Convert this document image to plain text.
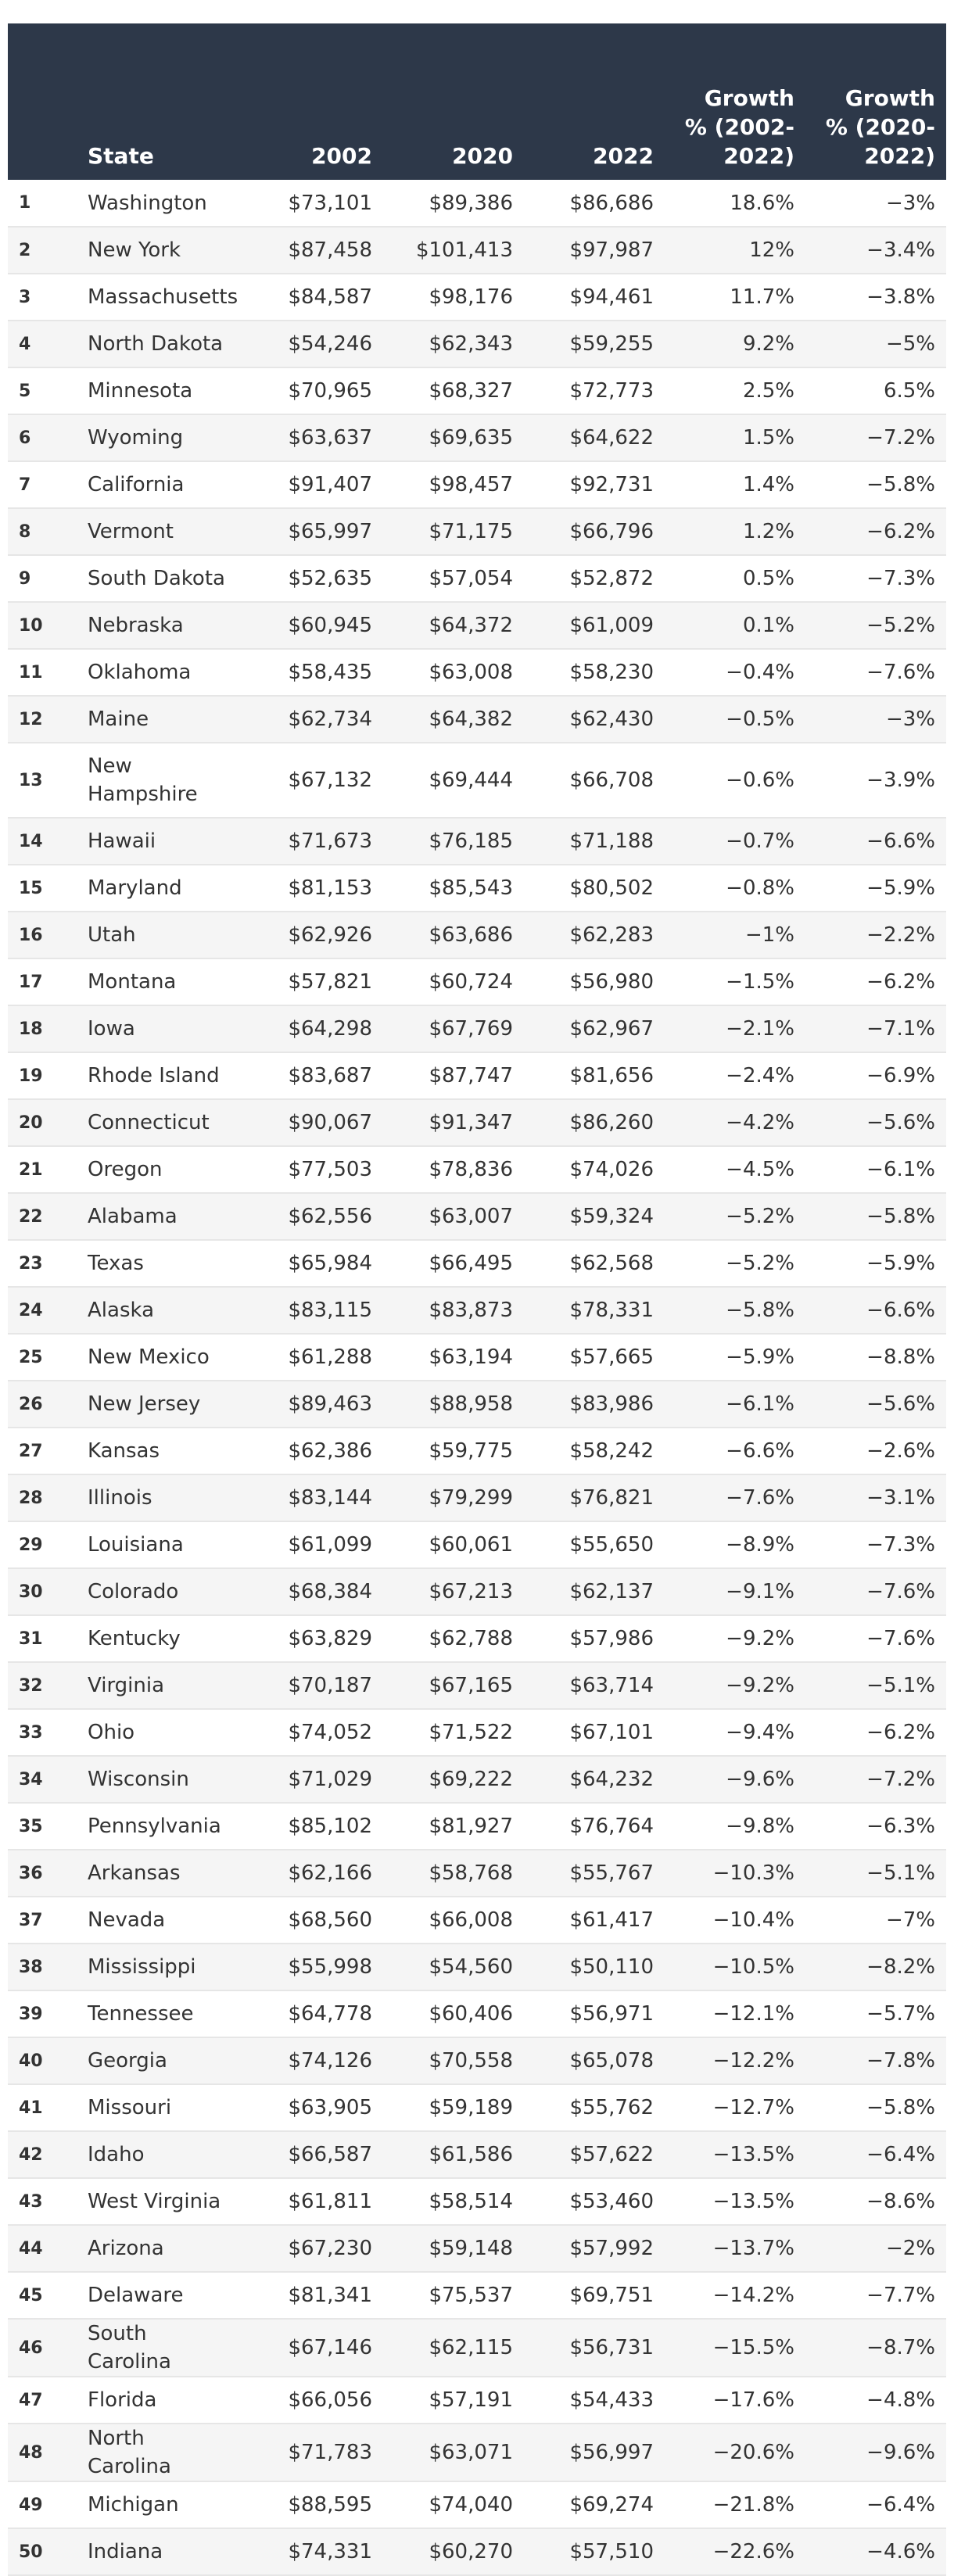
	State	2002	2020	2022	Growth % (2002-2022)	Growth % (2020-2022)
1	Washington	$73,101	$89,386	$86,686	18.6%	−3%
2	New York	$87,458	$101,413	$97,987	12%	−3.4%
3	Massachusetts	$84,587	$98,176	$94,461	11.7%	−3.8%
4	North Dakota	$54,246	$62,343	$59,255	9.2%	−5%
5	Minnesota	$70,965	$68,327	$72,773	2.5%	6.5%
6	Wyoming	$63,637	$69,635	$64,622	1.5%	−7.2%
7	California	$91,407	$98,457	$92,731	1.4%	−5.8%
8	Vermont	$65,997	$71,175	$66,796	1.2%	−6.2%
9	South Dakota	$52,635	$57,054	$52,872	0.5%	−7.3%
10	Nebraska	$60,945	$64,372	$61,009	0.1%	−5.2%
11	Oklahoma	$58,435	$63,008	$58,230	−0.4%	−7.6%
12	Maine	$62,734	$64,382	$62,430	−0.5%	−3%
13	New Hampshire	$67,132	$69,444	$66,708	−0.6%	−3.9%
14	Hawaii	$71,673	$76,185	$71,188	−0.7%	−6.6%
15	Maryland	$81,153	$85,543	$80,502	−0.8%	−5.9%
16	Utah	$62,926	$63,686	$62,283	−1%	−2.2%
17	Montana	$57,821	$60,724	$56,980	−1.5%	−6.2%
18	Iowa	$64,298	$67,769	$62,967	−2.1%	−7.1%
19	Rhode Island	$83,687	$87,747	$81,656	−2.4%	−6.9%
20	Connecticut	$90,067	$91,347	$86,260	−4.2%	−5.6%
21	Oregon	$77,503	$78,836	$74,026	−4.5%	−6.1%
22	Alabama	$62,556	$63,007	$59,324	−5.2%	−5.8%
23	Texas	$65,984	$66,495	$62,568	−5.2%	−5.9%
24	Alaska	$83,115	$83,873	$78,331	−5.8%	−6.6%
25	New Mexico	$61,288	$63,194	$57,665	−5.9%	−8.8%
26	New Jersey	$89,463	$88,958	$83,986	−6.1%	−5.6%
27	Kansas	$62,386	$59,775	$58,242	−6.6%	−2.6%
28	Illinois	$83,144	$79,299	$76,821	−7.6%	−3.1%
29	Louisiana	$61,099	$60,061	$55,650	−8.9%	−7.3%
30	Colorado	$68,384	$67,213	$62,137	−9.1%	−7.6%
31	Kentucky	$63,829	$62,788	$57,986	−9.2%	−7.6%
32	Virginia	$70,187	$67,165	$63,714	−9.2%	−5.1%
33	Ohio	$74,052	$71,522	$67,101	−9.4%	−6.2%
34	Wisconsin	$71,029	$69,222	$64,232	−9.6%	−7.2%
35	Pennsylvania	$85,102	$81,927	$76,764	−9.8%	−6.3%
36	Arkansas	$62,166	$58,768	$55,767	−10.3%	−5.1%
37	Nevada	$68,560	$66,008	$61,417	−10.4%	−7%
38	Mississippi	$55,998	$54,560	$50,110	−10.5%	−8.2%
39	Tennessee	$64,778	$60,406	$56,971	−12.1%	−5.7%
40	Georgia	$74,126	$70,558	$65,078	−12.2%	−7.8%
41	Missouri	$63,905	$59,189	$55,762	−12.7%	−5.8%
42	Idaho	$66,587	$61,586	$57,622	−13.5%	−6.4%
43	West Virginia	$61,811	$58,514	$53,460	−13.5%	−8.6%
44	Arizona	$67,230	$59,148	$57,992	−13.7%	−2%
45	Delaware	$81,341	$75,537	$69,751	−14.2%	−7.7%
46	South Carolina	$67,146	$62,115	$56,731	−15.5%	−8.7%
47	Florida	$66,056	$57,191	$54,433	−17.6%	−4.8%
48	North Carolina	$71,783	$63,071	$56,997	−20.6%	−9.6%
49	Michigan	$88,595	$74,040	$69,274	−21.8%	−6.4%
50	Indiana	$74,331	$60,270	$57,510	−22.6%	−4.6%
